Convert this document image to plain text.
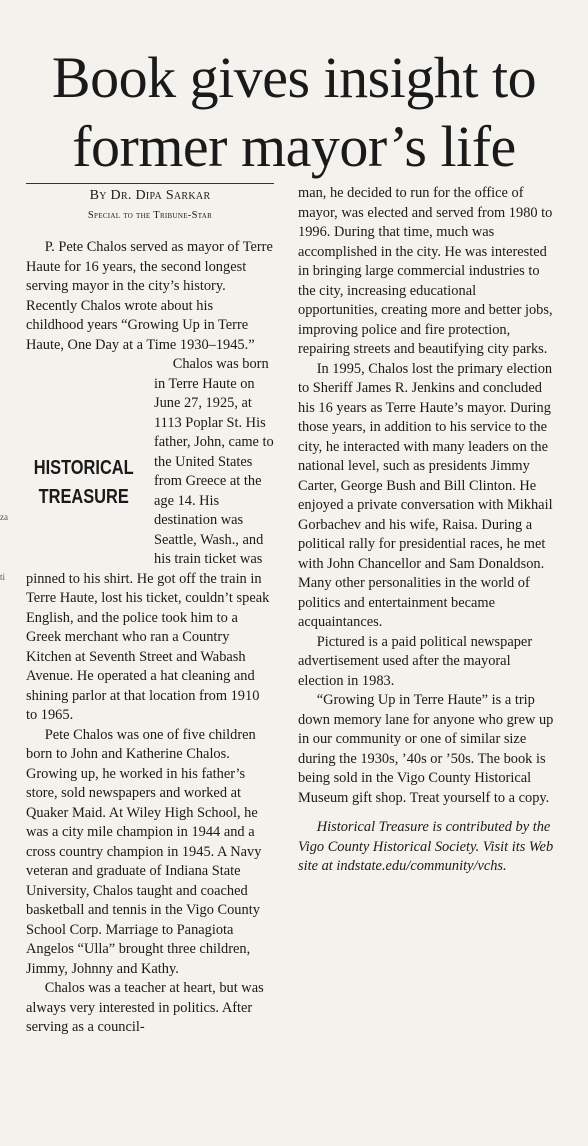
Book gives insight to
former mayor’s life
By Dr. Dipa Sarkar
Special to the Tribune-Star
za
ti

P. Pete Chalos served as mayor of Terre Haute for 16 years, the second longest serving mayor in the city’s history. Recently Chalos wrote about his childhood years “Growing Up in Terre Haute, One Day at a Time 1930–1945.”

HISTORICAL
TREASURE
Chalos was born in Terre Haute on June 27, 1925, at 1113 Poplar St. His father, John, came to the United States from Greece at the age 14. His destination was Seattle, Wash., and his train ticket was pinned to his shirt. He got off the train in Terre Haute, lost his ticket, couldn’t speak English, and the police took him to a Greek merchant who ran a Country Kitchen at Seventh Street and Wabash Avenue. He operated a hat cleaning and shining parlor at that location from 1910 to 1965.

Pete Chalos was one of five children born to John and Katherine Chalos. Growing up, he worked in his father’s store, sold newspapers and worked at Quaker Maid. At Wiley High School, he was a city mile champion in 1944 and a cross country champion in 1945. A Navy veteran and graduate of Indiana State University, Chalos taught and coached basketball and tennis in the Vigo County School Corp. Marriage to Panagiota Angelos “Ulla” brought three children, Jimmy, Johnny and Kathy.

Chalos was a teacher at heart, but was always very interested in politics. After serving as a council-

man, he decided to run for the office of mayor, was elected and served from 1980 to 1996. During that time, much was accomplished in the city. He was interested in bringing large commercial industries to the city, increasing educational opportunities, creating more and better jobs, improving police and fire protection, repairing streets and beautifying city parks.

In 1995, Chalos lost the primary election to Sheriff James R. Jenkins and concluded his 16 years as Terre Haute’s mayor. During those years, in addition to his service to the city, he interacted with many leaders on the national level, such as presidents Jimmy Carter, George Bush and Bill Clinton. He enjoyed a private conversation with Mikhail Gorbachev and his wife, Raisa. During a political rally for presidential races, he met with John Chancellor and Sam Donaldson. Many other personalities in the world of politics and entertainment became acquaintances.

Pictured is a paid political newspaper advertisement used after the mayoral election in 1983.

“Growing Up in Terre Haute” is a trip down memory lane for anyone who grew up in our community or one of similar size during the 1930s, ’40s or ’50s. The book is being sold in the Vigo County Historical Museum gift shop. Treat yourself to a copy.

Historical Treasure is contributed by the Vigo County Historical Society. Visit its Web site at indstate.edu/community/vchs.
